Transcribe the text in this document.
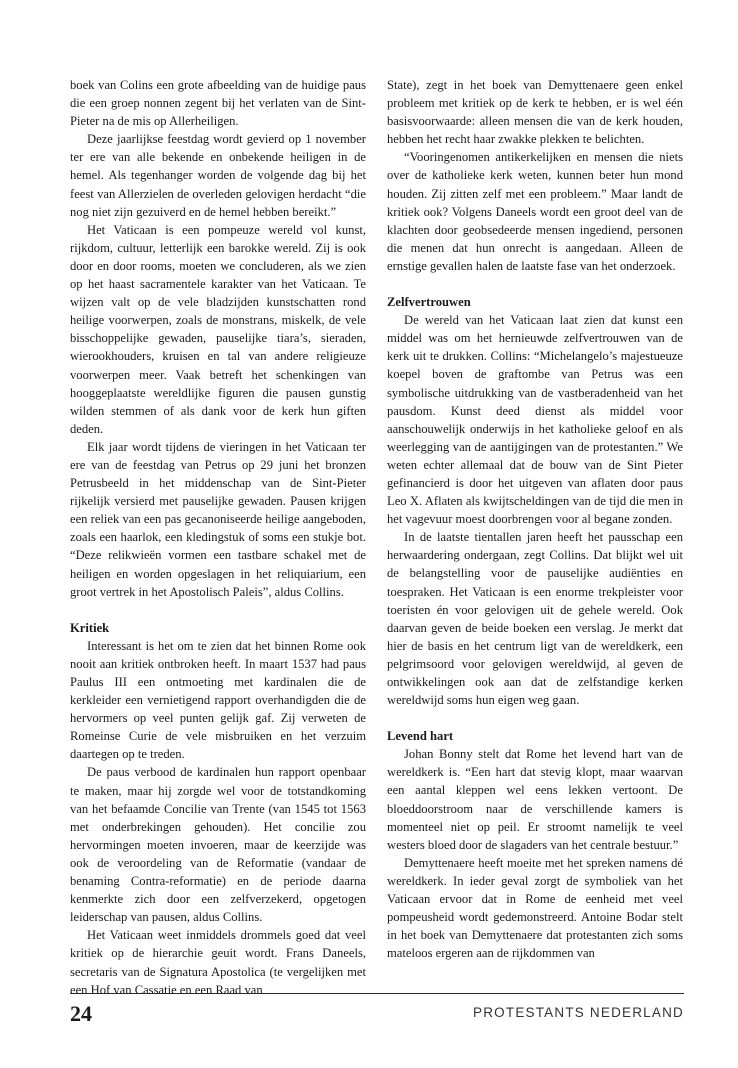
boek van Colins een grote afbeelding van de huidige paus die een groep nonnen zegent bij het verlaten van de Sint-Pieter na de mis op Allerheiligen.

Deze jaarlijkse feestdag wordt gevierd op 1 november ter ere van alle bekende en onbekende heiligen in de hemel. Als tegenhanger worden de volgende dag bij het feest van Allerzielen de overleden gelovigen herdacht “die nog niet zijn gezuiverd en de hemel hebben bereikt.”

Het Vaticaan is een pompeuze wereld vol kunst, rijkdom, cultuur, letterlijk een barokke wereld. Zij is ook door en door rooms, moeten we concluderen, als we zien op het haast sacramentele karakter van het Vaticaan. Te wijzen valt op de vele bladzijden kunstschatten rond heilige voorwerpen, zoals de monstrans, miskelk, de vele bisschoppelijke gewaden, pauselijke tiara’s, sieraden, wierookhouders, kruisen en tal van andere religieuze voorwerpen meer. Vaak betreft het schenkingen van hooggeplaatste wereldlijke figuren die pausen gunstig wilden stemmen of als dank voor de kerk hun giften deden.

Elk jaar wordt tijdens de vieringen in het Vaticaan ter ere van de feestdag van Petrus op 29 juni het bronzen Petrusbeeld in het middenschap van de Sint-Pieter rijkelijk versierd met pauselijke gewaden. Pausen krijgen een reliek van een pas gecanoniseerde heilige aangeboden, zoals een haarlok, een kledingstuk of soms een stukje bot. “Deze relikwieën vormen een tastbare schakel met de heiligen en worden opgeslagen in het reliquiarium, een groot vertrek in het Apostolisch Paleis”, aldus Collins.

Kritiek

Interessant is het om te zien dat het binnen Rome ook nooit aan kritiek ontbroken heeft. In maart 1537 had paus Paulus III een ontmoeting met kardinalen die de kerkleider een vernietigend rapport overhandigden die de hervormers op veel punten gelijk gaf. Zij verweten de Romeinse Curie de vele misbruiken en het verzuim daartegen op te treden.

De paus verbood de kardinalen hun rapport openbaar te maken, maar hij zorgde wel voor de totstandkoming van het befaamde Concilie van Trente (van 1545 tot 1563 met onderbrekingen gehouden). Het concilie zou hervormingen moeten invoeren, maar de keerzijde was ook de veroordeling van de Reformatie (vandaar de benaming Contra-reformatie) en de periode daarna kenmerkte zich door een zelfverzekerd, opgetogen leiderschap van pausen, aldus Collins.

Het Vaticaan weet inmiddels drommels goed dat veel kritiek op de hierarchie geuit wordt. Frans Daneels, secretaris van de Signatura Apostolica (te vergelijken met een Hof van Cassatie en een Raad van

State), zegt in het boek van Demyttenaere geen enkel probleem met kritiek op de kerk te hebben, er is wel één basisvoorwaarde: alleen mensen die van de kerk houden, hebben het recht haar zwakke plekken te belichten.

“Vooringenomen antikerkelijken en mensen die niets over de katholieke kerk weten, kunnen beter hun mond houden. Zij zitten zelf met een probleem.” Maar landt de kritiek ook? Volgens Daneels wordt een groot deel van de klachten door geobsedeerde mensen ingediend, personen die menen dat hun onrecht is aangedaan. Alleen de ernstige gevallen halen de laatste fase van het onderzoek.

Zelfvertrouwen

De wereld van het Vaticaan laat zien dat kunst een middel was om het hernieuwde zelfvertrouwen van de kerk uit te drukken. Collins: “Michelangelo’s majestueuze koepel boven de graftombe van Petrus was een symbolische uitdrukking van de vastberadenheid van het pausdom. Kunst deed dienst als middel voor aanschouwelijk onderwijs in het katholieke geloof en als weerlegging van de aantijgingen van de protestanten.” We weten echter allemaal dat de bouw van de Sint Pieter gefinancierd is door het uitgeven van aflaten door paus Leo X. Aflaten als kwijtscheldingen van de tijd die men in het vagevuur moest doorbrengen voor al begane zonden.

In de laatste tientallen jaren heeft het pausschap een herwaardering ondergaan, zegt Collins. Dat blijkt wel uit de belangstelling voor de pauselijke audiënties en toespraken. Het Vaticaan is een enorme trekpleister voor toeristen én voor gelovigen uit de gehele wereld. Ook daarvan geven de beide boeken een verslag. Je merkt dat hier de basis en het centrum ligt van de wereldkerk, een pelgrimsoord voor gelovigen wereldwijd, al geven de ontwikkelingen ook aan dat de zelfstandige kerken wereldwijd soms hun eigen weg gaan.

Levend hart

Johan Bonny stelt dat Rome het levend hart van de wereldkerk is. “Een hart dat stevig klopt, maar waarvan een aantal kleppen wel eens lekken vertoont. De bloeddoorstroom naar de verschillende kamers is momenteel niet op peil. Er stroomt namelijk te veel westers bloed door de slagaders van het centrale bestuur.”

Demyttenaere heeft moeite met het spreken namens dé wereldkerk. In ieder geval zorgt de symboliek van het Vaticaan ervoor dat in Rome de eenheid met veel pompeusheid wordt gedemonstreerd. Antoine Bodar stelt in het boek van Demyttenaere dat protestanten zich soms mateloos ergeren aan de rijkdommen van

24	PROTESTANTS NEDERLAND
